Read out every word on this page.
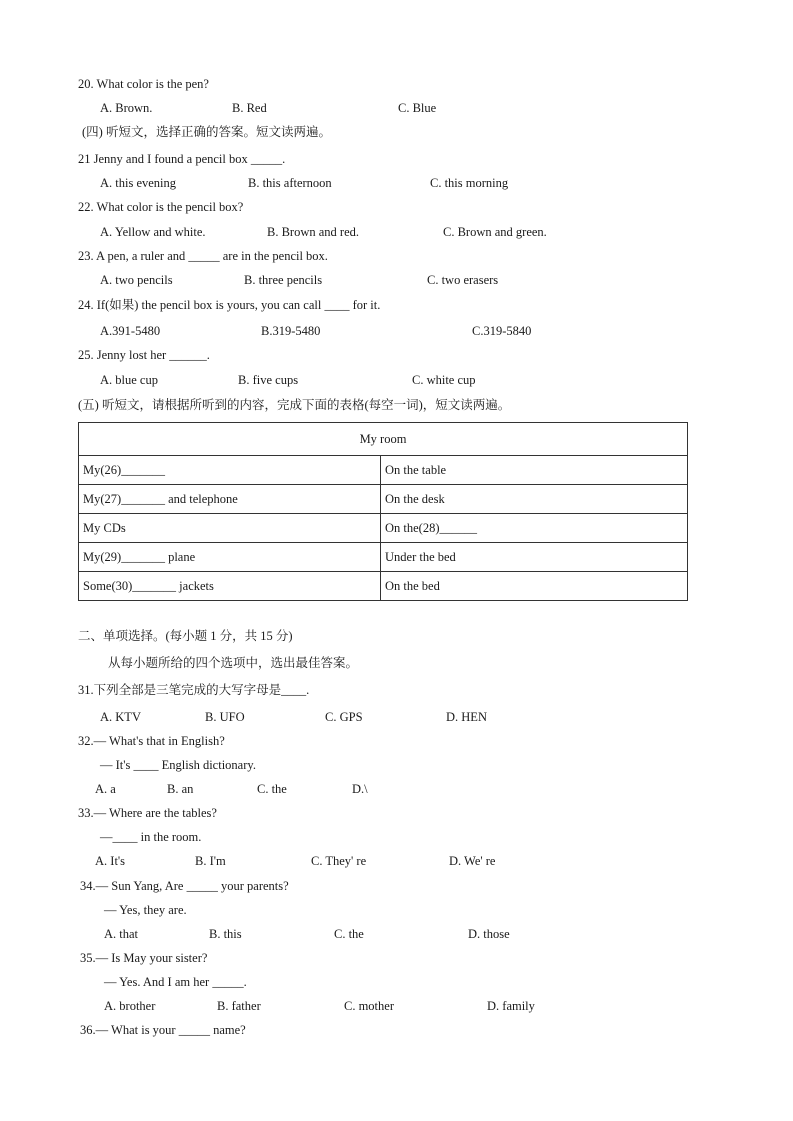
20. What color is the pen?
A. Brown.	B. Red	C. Blue
(四) 听短文，选择正确的答案。短文读两遍。
21 Jenny and I found a pencil box _____.
A. this evening	B. this afternoon	C. this morning
22. What color is the pencil box?
A. Yellow and white.	B. Brown and red.	C. Brown and green.
23. A pen, a ruler and _____ are in the pencil box.
A. two pencils	B. three pencils	C. two erasers
24. If(如果) the pencil box is yours, you can call ____ for it.
A.391-5480	B.319-5480	C.319-5840
25. Jenny lost her ______.
A. blue cup	B. five cups	C. white cup
(五) 听短文，请根据所听到的内容，完成下面的表格(每空一词)，短文读两遍。
My room	
My(26)_______	On the table
My(27)_______ and telephone	On the desk
My CDs	On the(28)______
My(29)_______ plane	Under the bed
Some(30)_______ jackets	On the bed
二、单项选择。(每小题 1 分，共 15 分)
从每小题所给的四个选项中，选出最佳答案。
31.下列全部是三笔完成的大写字母是____.
A. KTV	B. UFO	C. GPS	D. HEN
32.— What's that in English?
— It's ____ English dictionary.
A. a	B. an	C. the	D.\
33.— Where are the tables?
—____ in the room.
A. It's	B. I'm	C. They' re	D. We' re
34.— Sun Yang, Are _____ your parents?
— Yes, they are.
A. that	B. this	C. the	D. those
35.— Is May your sister?
— Yes. And I am her _____.
A. brother	B. father	C. mother	D. family
36.— What is your _____ name?
